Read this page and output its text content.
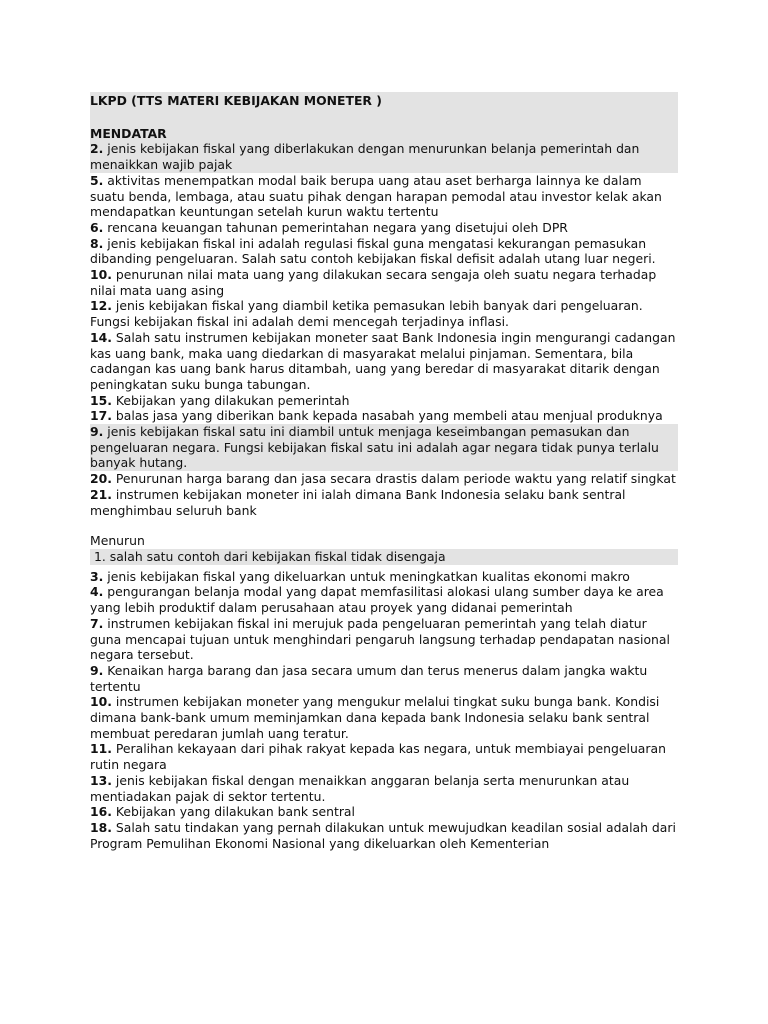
LKPD (TTS MATERI KEBIJAKAN MONETER )
MENDATAR
2. jenis kebijakan fiskal yang diberlakukan dengan menurunkan belanja pemerintah dan menaikkan wajib pajak
5. aktivitas menempatkan modal baik berupa uang atau aset berharga lainnya ke dalam suatu benda, lembaga, atau suatu pihak dengan harapan pemodal atau investor kelak akan mendapatkan keuntungan setelah kurun waktu tertentu
6. rencana keuangan tahunan pemerintahan negara yang disetujui oleh DPR
8. jenis kebijakan fiskal ini adalah regulasi fiskal guna mengatasi kekurangan pemasukan dibanding pengeluaran. Salah satu contoh kebijakan fiskal defisit adalah utang luar negeri.
10. penurunan nilai mata uang yang dilakukan secara sengaja oleh suatu negara terhadap nilai mata uang asing
12. jenis kebijakan fiskal yang diambil ketika pemasukan lebih banyak dari pengeluaran. Fungsi kebijakan fiskal ini adalah demi mencegah terjadinya inflasi.
14. Salah satu instrumen kebijakan moneter saat Bank Indonesia ingin mengurangi cadangan kas uang bank, maka uang diedarkan di masyarakat melalui pinjaman. Sementara, bila cadangan kas uang bank harus ditambah, uang yang beredar di masyarakat ditarik dengan peningkatan suku bunga tabungan.
15. Kebijakan yang dilakukan pemerintah
17. balas jasa yang diberikan bank kepada nasabah yang membeli atau menjual produknya
9. jenis kebijakan fiskal satu ini diambil untuk menjaga keseimbangan pemasukan dan pengeluaran negara. Fungsi kebijakan fiskal satu ini adalah agar negara tidak punya terlalu banyak hutang.
20. Penurunan harga barang dan jasa secara drastis dalam periode waktu yang relatif singkat
21. instrumen kebijakan moneter ini ialah dimana Bank Indonesia selaku bank sentral menghimbau seluruh bank
Menurun
1. salah satu contoh dari kebijakan fiskal tidak disengaja
3. jenis kebijakan fiskal yang dikeluarkan untuk meningkatkan kualitas ekonomi makro
4. pengurangan belanja modal yang dapat memfasilitasi alokasi ulang sumber daya ke area yang lebih produktif dalam perusahaan atau proyek yang didanai pemerintah
7. instrumen kebijakan fiskal ini merujuk pada pengeluaran pemerintah yang telah diatur guna mencapai tujuan untuk menghindari pengaruh langsung terhadap pendapatan nasional negara tersebut.
9. Kenaikan harga barang dan jasa secara umum dan terus menerus dalam jangka waktu tertentu
10. instrumen kebijakan moneter yang mengukur melalui tingkat suku bunga bank. Kondisi dimana bank-bank umum meminjamkan dana kepada bank Indonesia selaku bank sentral membuat peredaran jumlah uang teratur.
11. Peralihan kekayaan dari pihak rakyat kepada kas negara, untuk membiayai pengeluaran rutin negara
13. jenis kebijakan fiskal dengan menaikkan anggaran belanja serta menurunkan atau mentiadakan pajak di sektor tertentu.
16. Kebijakan yang dilakukan bank sentral
18. Salah satu tindakan yang pernah dilakukan untuk mewujudkan keadilan sosial adalah dari Program Pemulihan Ekonomi Nasional yang dikeluarkan oleh Kementerian
